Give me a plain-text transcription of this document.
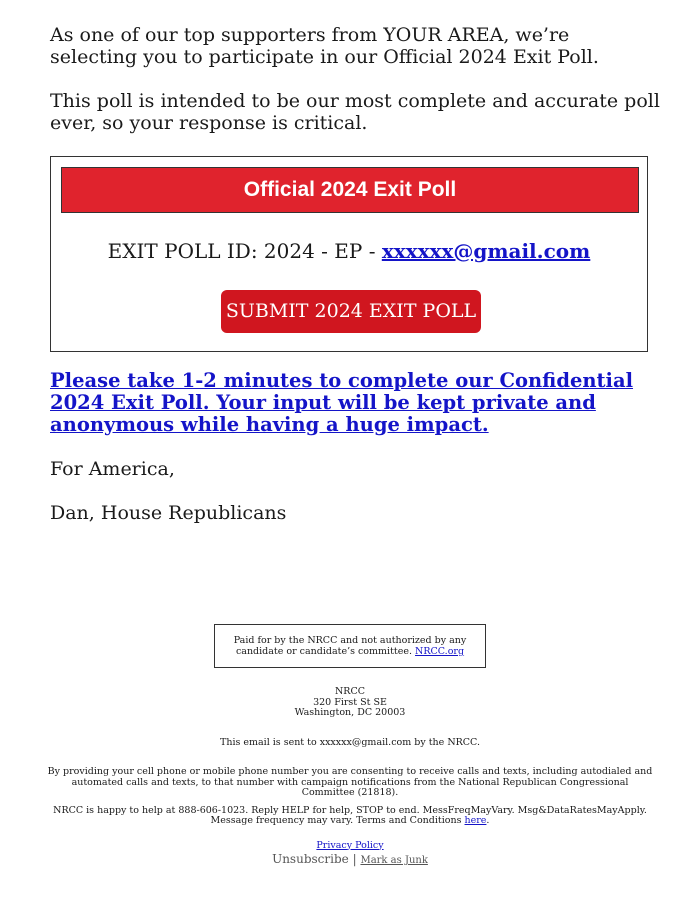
As one of our top supporters from YOUR AREA, we’re selecting you to participate in our Official 2024 Exit Poll.

This poll is intended to be our most complete and accurate poll ever, so your response is critical.

Official 2024 Exit Poll
EXIT POLL ID: 2024 - EP - xxxxxx@gmail.com
SUBMIT 2024 EXIT POLL
Please take 1-2 minutes to complete our Confidential 2024 Exit Poll. Your input will be kept private and anonymous while having a huge impact.

For America,

Dan, House Republicans

Paid for by the NRCC and not authorized by any candidate or candidate’s committee. NRCC.org
NRCC
320 First St SE
Washington, DC 20003
This email is sent to xxxxxx@gmail.com by the NRCC.
By providing your cell phone or mobile phone number you are consenting to receive calls and texts, including autodialed and automated calls and texts, to that number with campaign notifications from the National Republican Congressional Committee (21818).
NRCC is happy to help at 888-606-1023. Reply HELP for help, STOP to end. MessFreqMayVary. Msg&DataRatesMayApply. Message frequency may vary. Terms and Conditions here.
Privacy Policy
Unsubscribe | Mark as Junk
